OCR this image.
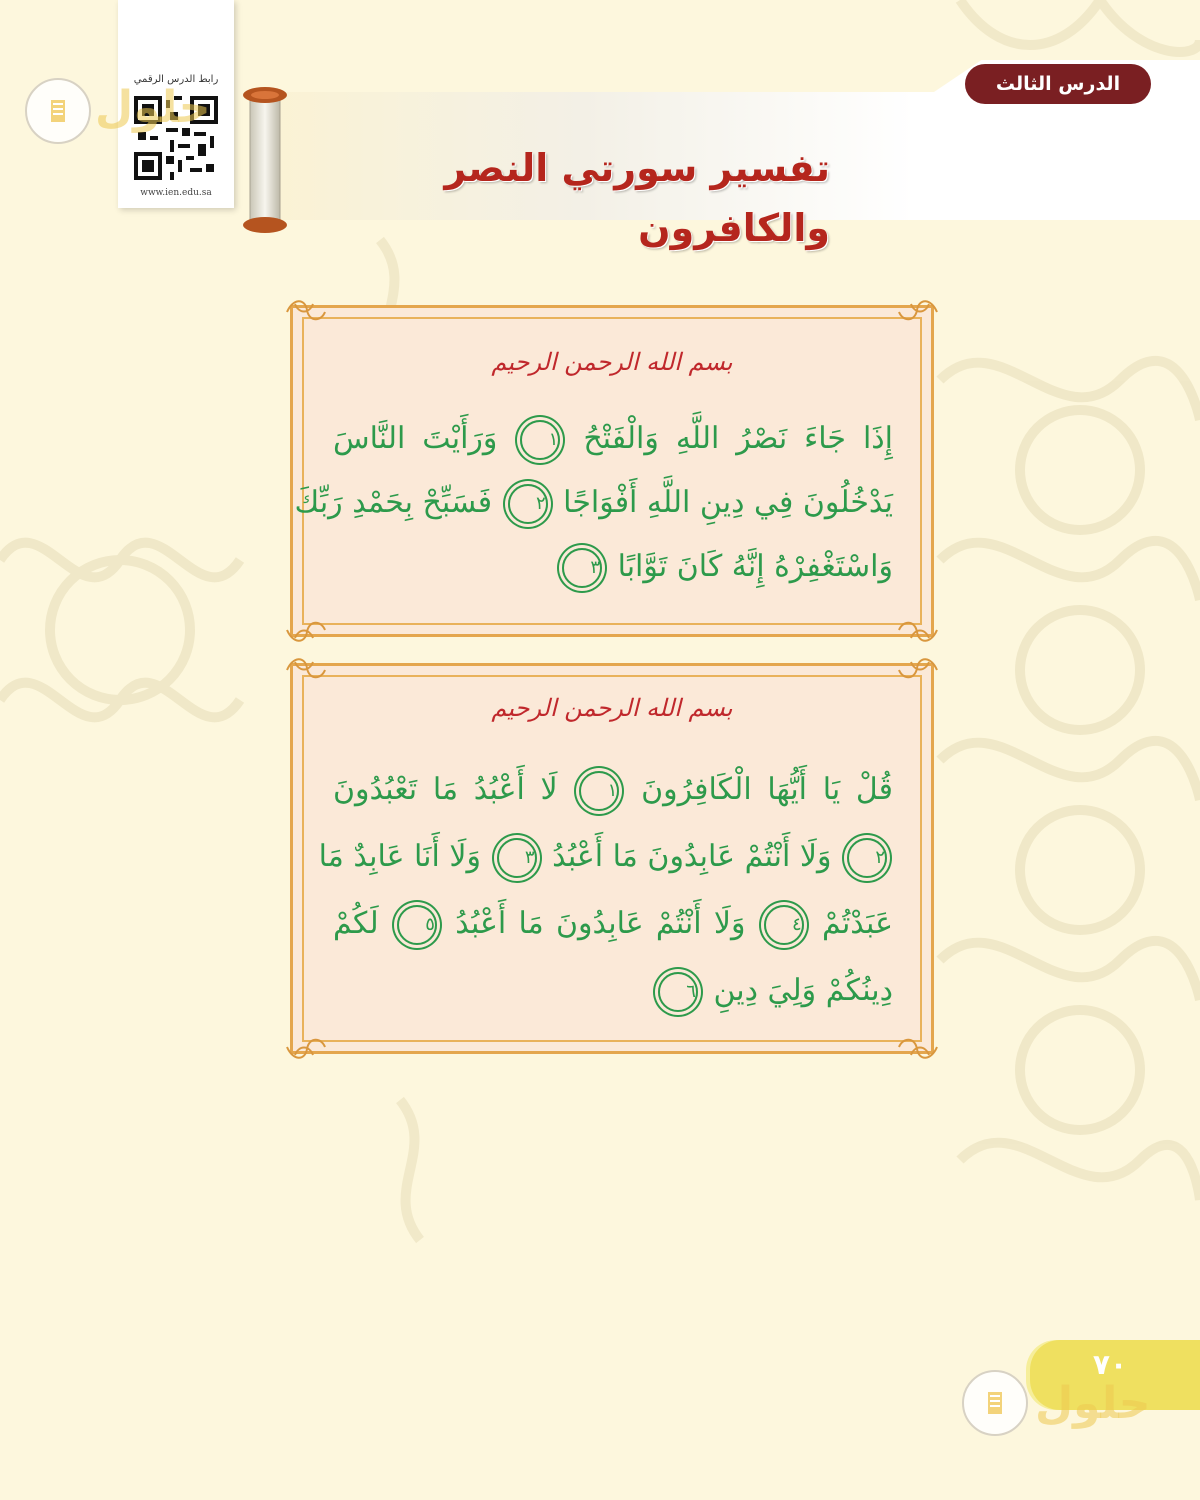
الدرس الثالث
تفسير سورتي النصر والكافرون
رابط الدرس الرقمي
www.ien.edu.sa
حلول
بسم الله الرحمن الرحيم
إِذَا جَاءَ نَصْرُ اللَّهِ وَالْفَتْحُ ١ وَرَأَيْتَ النَّاسَ
يَدْخُلُونَ فِي دِينِ اللَّهِ أَفْوَاجًا ٢ فَسَبِّحْ بِحَمْدِ رَبِّكَ
وَاسْتَغْفِرْهُ إِنَّهُ كَانَ تَوَّابًا ٣
بسم الله الرحمن الرحيم
قُلْ يَا أَيُّهَا الْكَافِرُونَ ١ لَا أَعْبُدُ مَا تَعْبُدُونَ
٢ وَلَا أَنْتُمْ عَابِدُونَ مَا أَعْبُدُ ٣ وَلَا أَنَا عَابِدٌ مَا
عَبَدْتُمْ ٤ وَلَا أَنْتُمْ عَابِدُونَ مَا أَعْبُدُ ٥ لَكُمْ
دِينُكُمْ وَلِيَ دِينِ ٦
٧٠
حلول
